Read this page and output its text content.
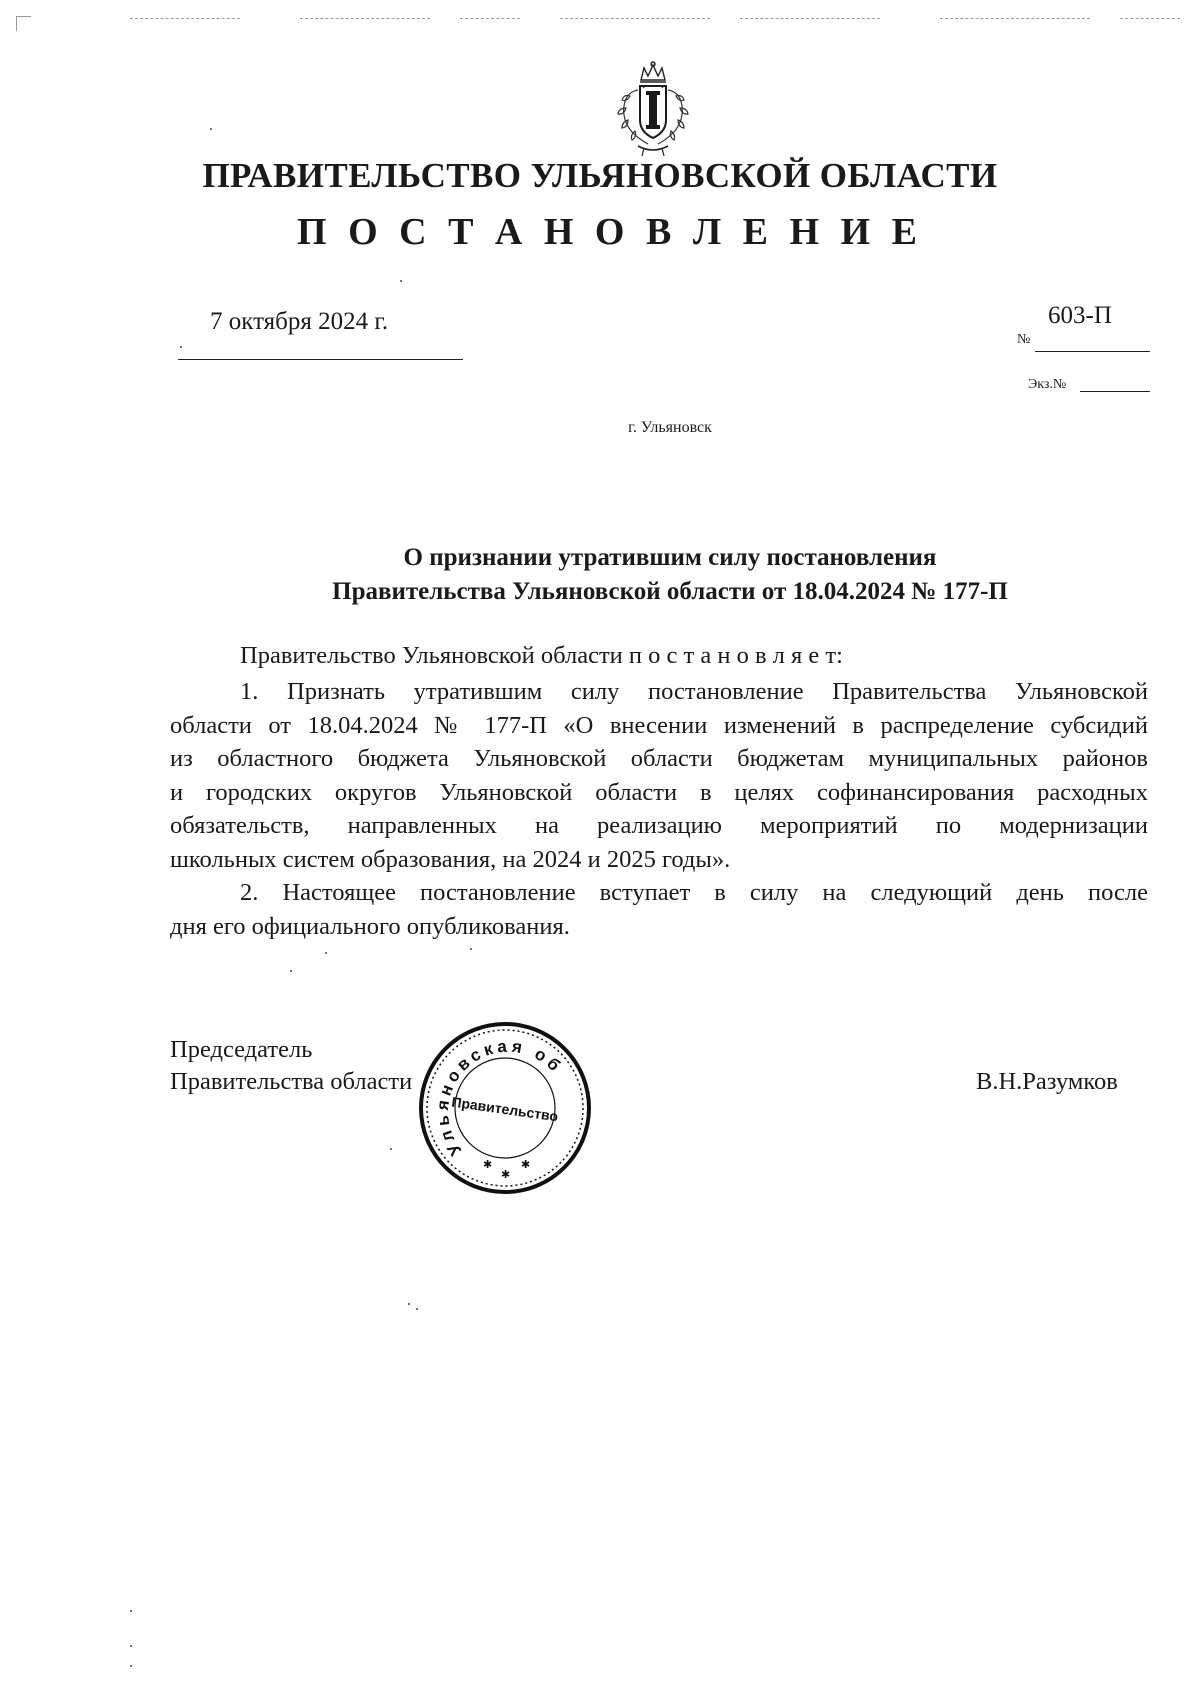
ПРАВИТЕЛЬСТВО УЛЬЯНОВСКОЙ ОБЛАСТИ
П О С Т А Н О В Л Е Н И Е
7 октября 2024 г.	603-П
№
Экз.№
г. Ульяновск
О признании утратившим силу постановления
Правительства Ульяновской области от 18.04.2024 № 177-П
Правительство Ульяновской области п о с т а н о в л я е т:
1. Признать утратившим силу постановление Правительства Ульяновской
области от 18.04.2024 № 177-П «О внесении изменений в распределение субсидий
из областного бюджета Ульяновской области бюджетам муниципальных районов
и городских округов Ульяновской области в целях софинансирования расходных
обязательств, направленных на реализацию мероприятий по модернизации
школьных систем образования, на 2024 и 2025 годы».
2. Настоящее постановление вступает в силу на следующий день после
дня его официального опубликования.
Председатель
Правительства области	В.Н.Разумков
Ульяновская область
Правительство
✱
✱
✱
